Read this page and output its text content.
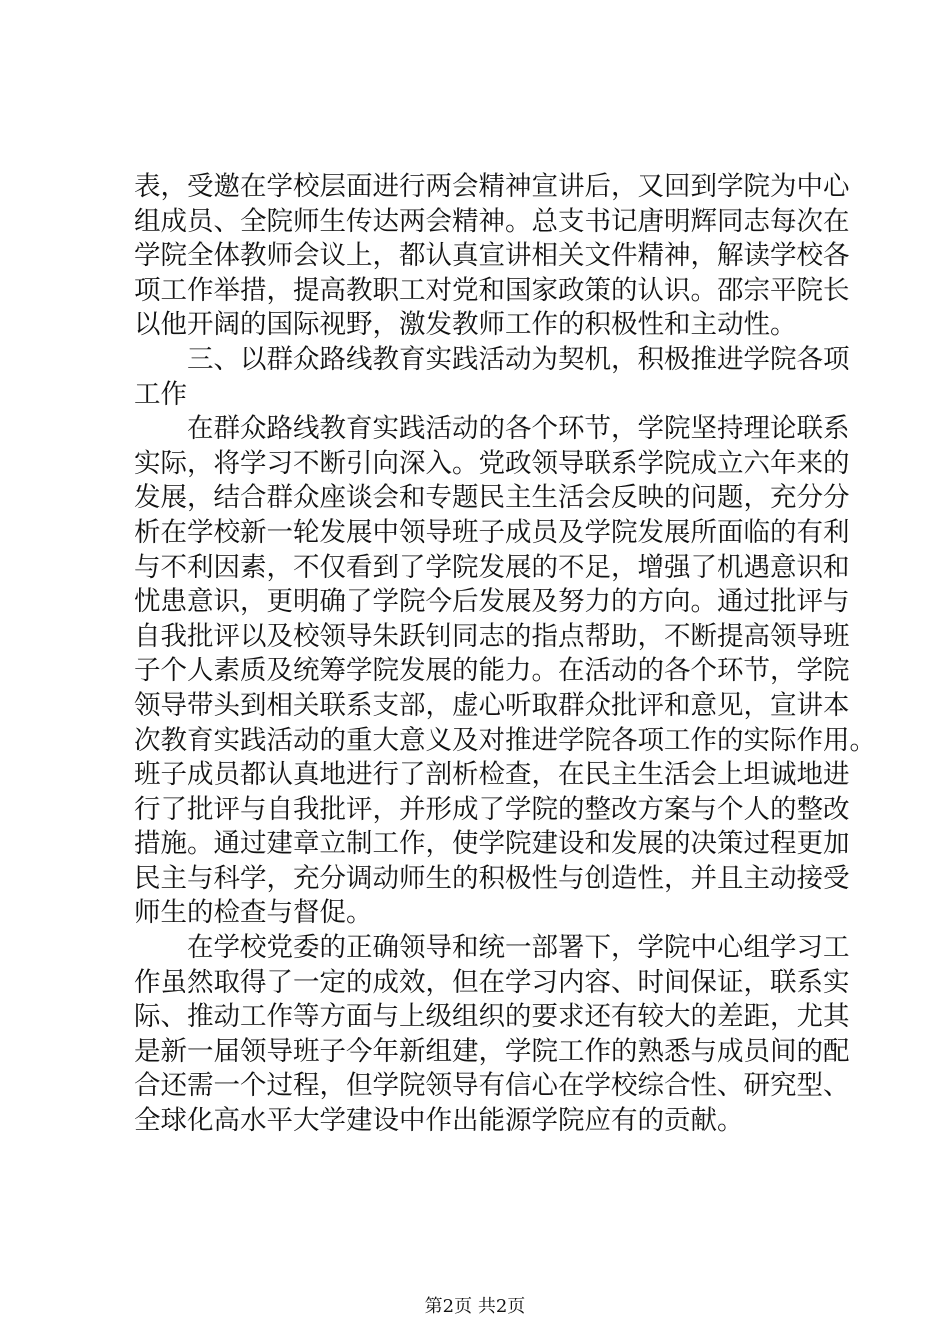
表，受邀在学校层面进行两会精神宣讲后，又回到学院为中心
组成员、全院师生传达两会精神。总支书记唐明辉同志每次在
学院全体教师会议上，都认真宣讲相关文件精神，解读学校各
项工作举措，提高教职工对党和国家政策的认识。邵宗平院长
以他开阔的国际视野，激发教师工作的积极性和主动性。
三、以群众路线教育实践活动为契机，积极推进学院各项
工作
在群众路线教育实践活动的各个环节，学院坚持理论联系
实际，将学习不断引向深入。党政领导联系学院成立六年来的
发展，结合群众座谈会和专题民主生活会反映的问题，充分分
析在学校新一轮发展中领导班子成员及学院发展所面临的有利
与不利因素，不仅看到了学院发展的不足，增强了机遇意识和
忧患意识，更明确了学院今后发展及努力的方向。通过批评与
自我批评以及校领导朱跃钊同志的指点帮助，不断提高领导班
子个人素质及统筹学院发展的能力。在活动的各个环节，学院
领导带头到相关联系支部，虚心听取群众批评和意见，宣讲本
次教育实践活动的重大意义及对推进学院各项工作的实际作用。
班子成员都认真地进行了剖析检查，在民主生活会上坦诚地进
行了批评与自我批评，并形成了学院的整改方案与个人的整改
措施。通过建章立制工作，使学院建设和发展的决策过程更加
民主与科学，充分调动师生的积极性与创造性，并且主动接受
师生的检查与督促。
在学校党委的正确领导和统一部署下，学院中心组学习工
作虽然取得了一定的成效，但在学习内容、时间保证，联系实
际、推动工作等方面与上级组织的要求还有较大的差距，尤其
是新一届领导班子今年新组建，学院工作的熟悉与成员间的配
合还需一个过程，但学院领导有信心在学校综合性、研究型、
全球化高水平大学建设中作出能源学院应有的贡献。
第2页 共2页
